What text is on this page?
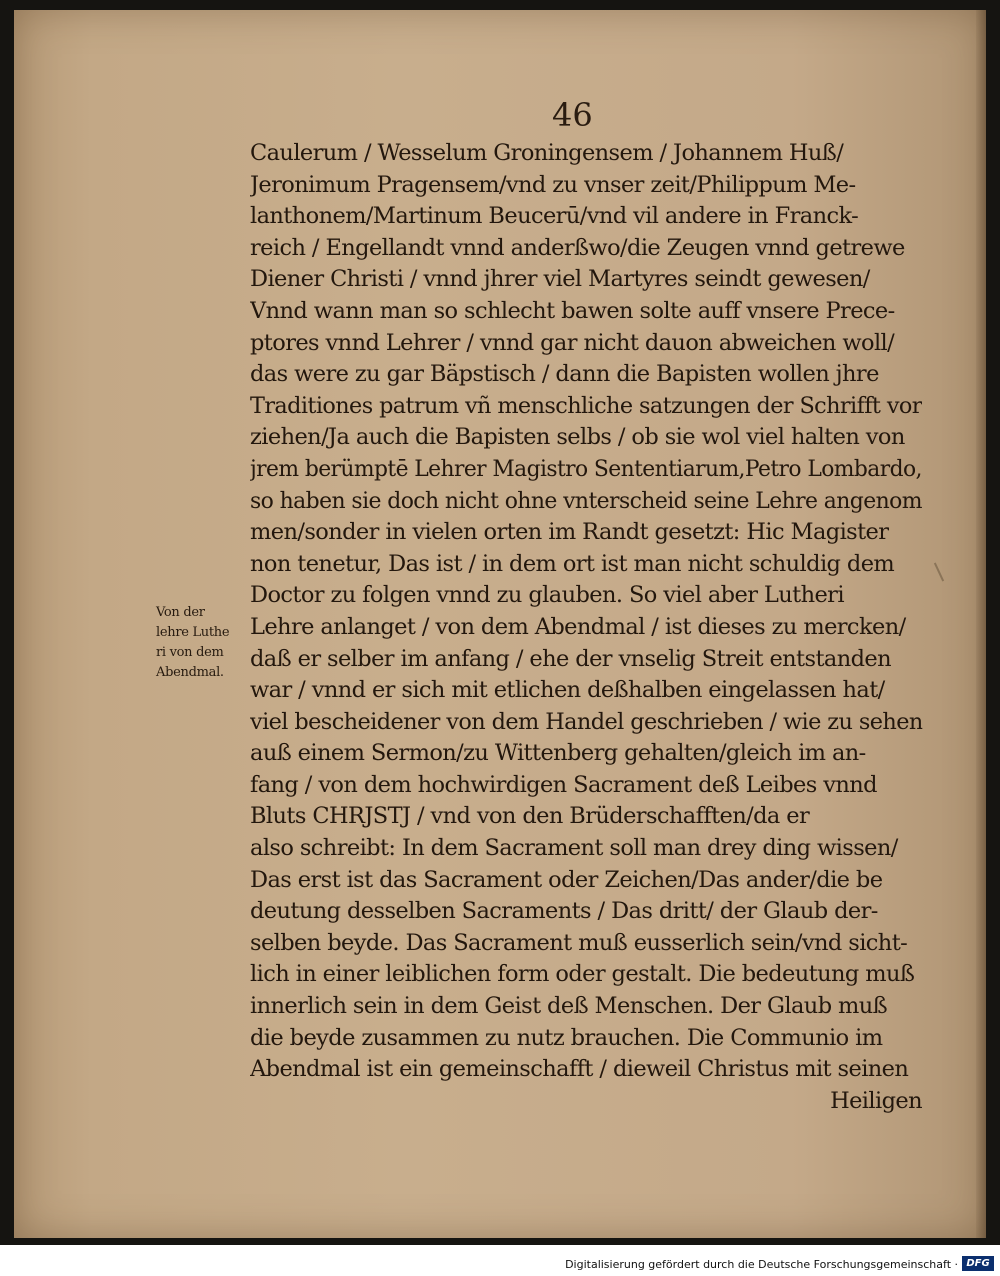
46
Caulerum / Wesselum Groningensem / Johannem Huß/
Jeronimum Pragensem/vnd zu vnser zeit/Philippum Me-
lanthonem/Martinum Beucerū/vnd vil andere in Franck-
reich / Engellandt vnnd anderßwo/die Zeugen vnnd getrewe
Diener Christi / vnnd jhrer viel Martyres seindt gewesen/
Vnnd wann man so schlecht bawen solte auff vnsere Prece-
ptores vnnd Lehrer / vnnd gar nicht dauon abweichen woll/
das were zu gar Bäpstisch / dann die Bapisten wollen jhre
Traditiones patrum vñ menschliche satzungen der Schrifft vor
ziehen/Ja auch die Bapisten selbs / ob sie wol viel halten von
jrem berümptē Lehrer Magistro Sententiarum,Petro Lombardo,
so haben sie doch nicht ohne vnterscheid seine Lehre angenom
men/sonder in vielen orten im Randt gesetzt: Hic Magister
non tenetur, Das ist / in dem ort ist man nicht schuldig dem
Doctor zu folgen vnnd zu glauben. So viel aber Lutheri
Lehre anlanget / von dem Abendmal / ist dieses zu mercken/
daß er selber im anfang / ehe der vnselig Streit entstanden
war / vnnd er sich mit etlichen deßhalben eingelassen hat/
viel bescheidener von dem Handel geschrieben / wie zu sehen
auß einem Sermon/zu Wittenberg gehalten/gleich im an-
fang / von dem hochwirdigen Sacrament deß Leibes vnnd
Bluts CHRJSTJ / vnd von den Brüderschafften/da er
also schreibt: In dem Sacrament soll man drey ding wissen/
Das erst ist das Sacrament oder Zeichen/Das ander/die be
deutung desselben Sacraments / Das dritt/ der Glaub der-
selben beyde. Das Sacrament muß eusserlich sein/vnd sicht-
lich in einer leiblichen form oder gestalt. Die bedeutung muß
innerlich sein in dem Geist deß Menschen. Der Glaub muß
die beyde zusammen zu nutz brauchen. Die Communio im
Abendmal ist ein gemeinschafft / dieweil Christus mit seinen
Heiligen
Von der
lehre Luthe
ri von dem
Abendmal.
Digitalisierung gefördert durch die Deutsche Forschungsgemeinschaft · DFG
